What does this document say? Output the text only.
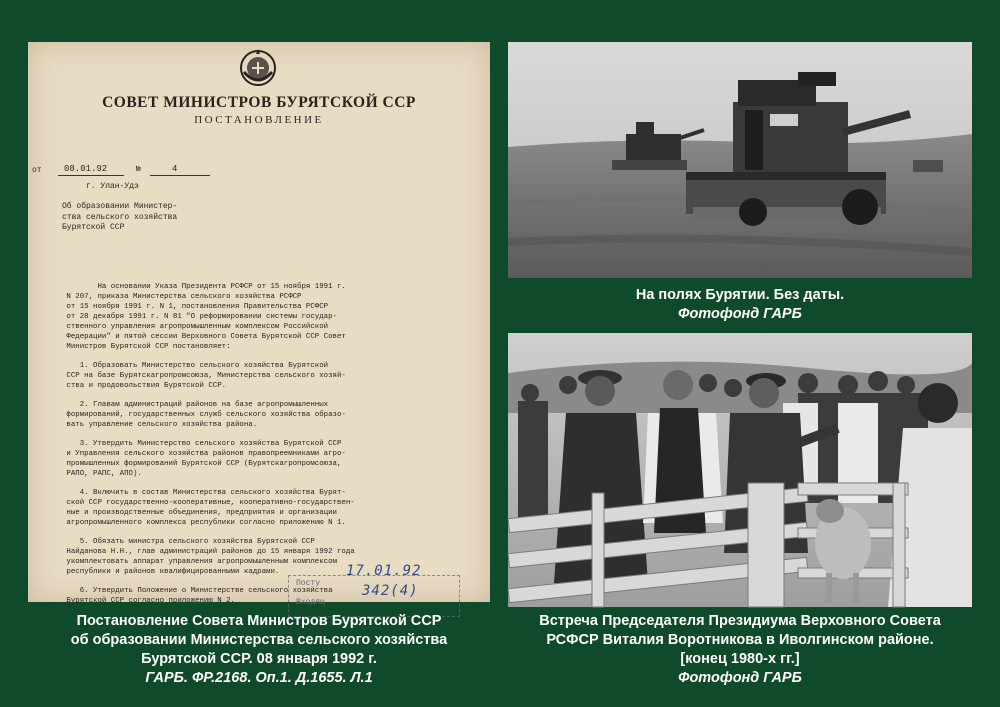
СОВЕТ МИНИСТРОВ БУРЯТСКОЙ ССР
ПОСТАНОВЛЕНИЕ
от 08.01.92	№	4
г. Улан-Удэ
Об образовании Министер-
ства сельского хозяйства
Бурятской ССР
На основании Указа Президента РСФСР от 15 ноября 1991 г.
N 207, приказа Министерства сельского хозяйства РСФСР
от 15 ноября 1991 г. N 1, постановления Правительства РСФСР
от 28 декабря 1991 г. N 81 "О реформировании системы государ-
ственного управления агропромышленным комплексом Российской
Федерации" и пятой сессии Верховного Совета Бурятской ССР Совет
Министров Бурятской ССР постановляет:
1. Образовать Министерство сельского хозяйства Бурятской
ССР на базе Бурятскагропромсоюза, Министерства сельского хозяй-
ства и продовольствия Бурятской ССР.
2. Главам администраций районов на базе агропромышленных
формирований, государственных служб сельского хозяйства образо-
вать управление сельского хозяйства района.
3. Утвердить Министерство сельского хозяйства Бурятской ССР
и Управления сельского хозяйства районов правопреемниками агро-
промышленных формирований Бурятской ССР (Бурятскагропромсоюза,
РАПО, РАПС, АПО).
4. Включить в состав Министерства сельского хозяйства Бурят-
ской ССР государственно-кооперативные, кооперативно-государствен-
ные и производственные объединения, предприятия и организации
агропромышленного комплекса республики согласно приложению N 1.
5. Обязать министра сельского хозяйства Бурятской ССР
Найданова Н.Н., глав администраций районов до 15 января 1992 года
укомплектовать аппарат управления агропромышленным комплексом
республики и районов квалифицированными кадрами.
6. Утвердить Положение о Министерстве сельского хозяйства
Бурятской ССР согласно приложению N 2.
Посту
Входящ
17.01.92
342(4)
На полях Бурятии. Без даты.
Фотофонд ГАРБ
Встреча Председателя Президиума Верховного Совета
РСФСР Виталия Воротникова в Иволгинском районе.
[конец 1980-х гг.]
Фотофонд ГАРБ
Постановление Совета Министров Бурятской ССР
об образовании Министерства сельского хозяйства
Бурятской ССР. 08 января 1992 г.
ГАРБ. ФР.2168. Оп.1. Д.1655. Л.1
